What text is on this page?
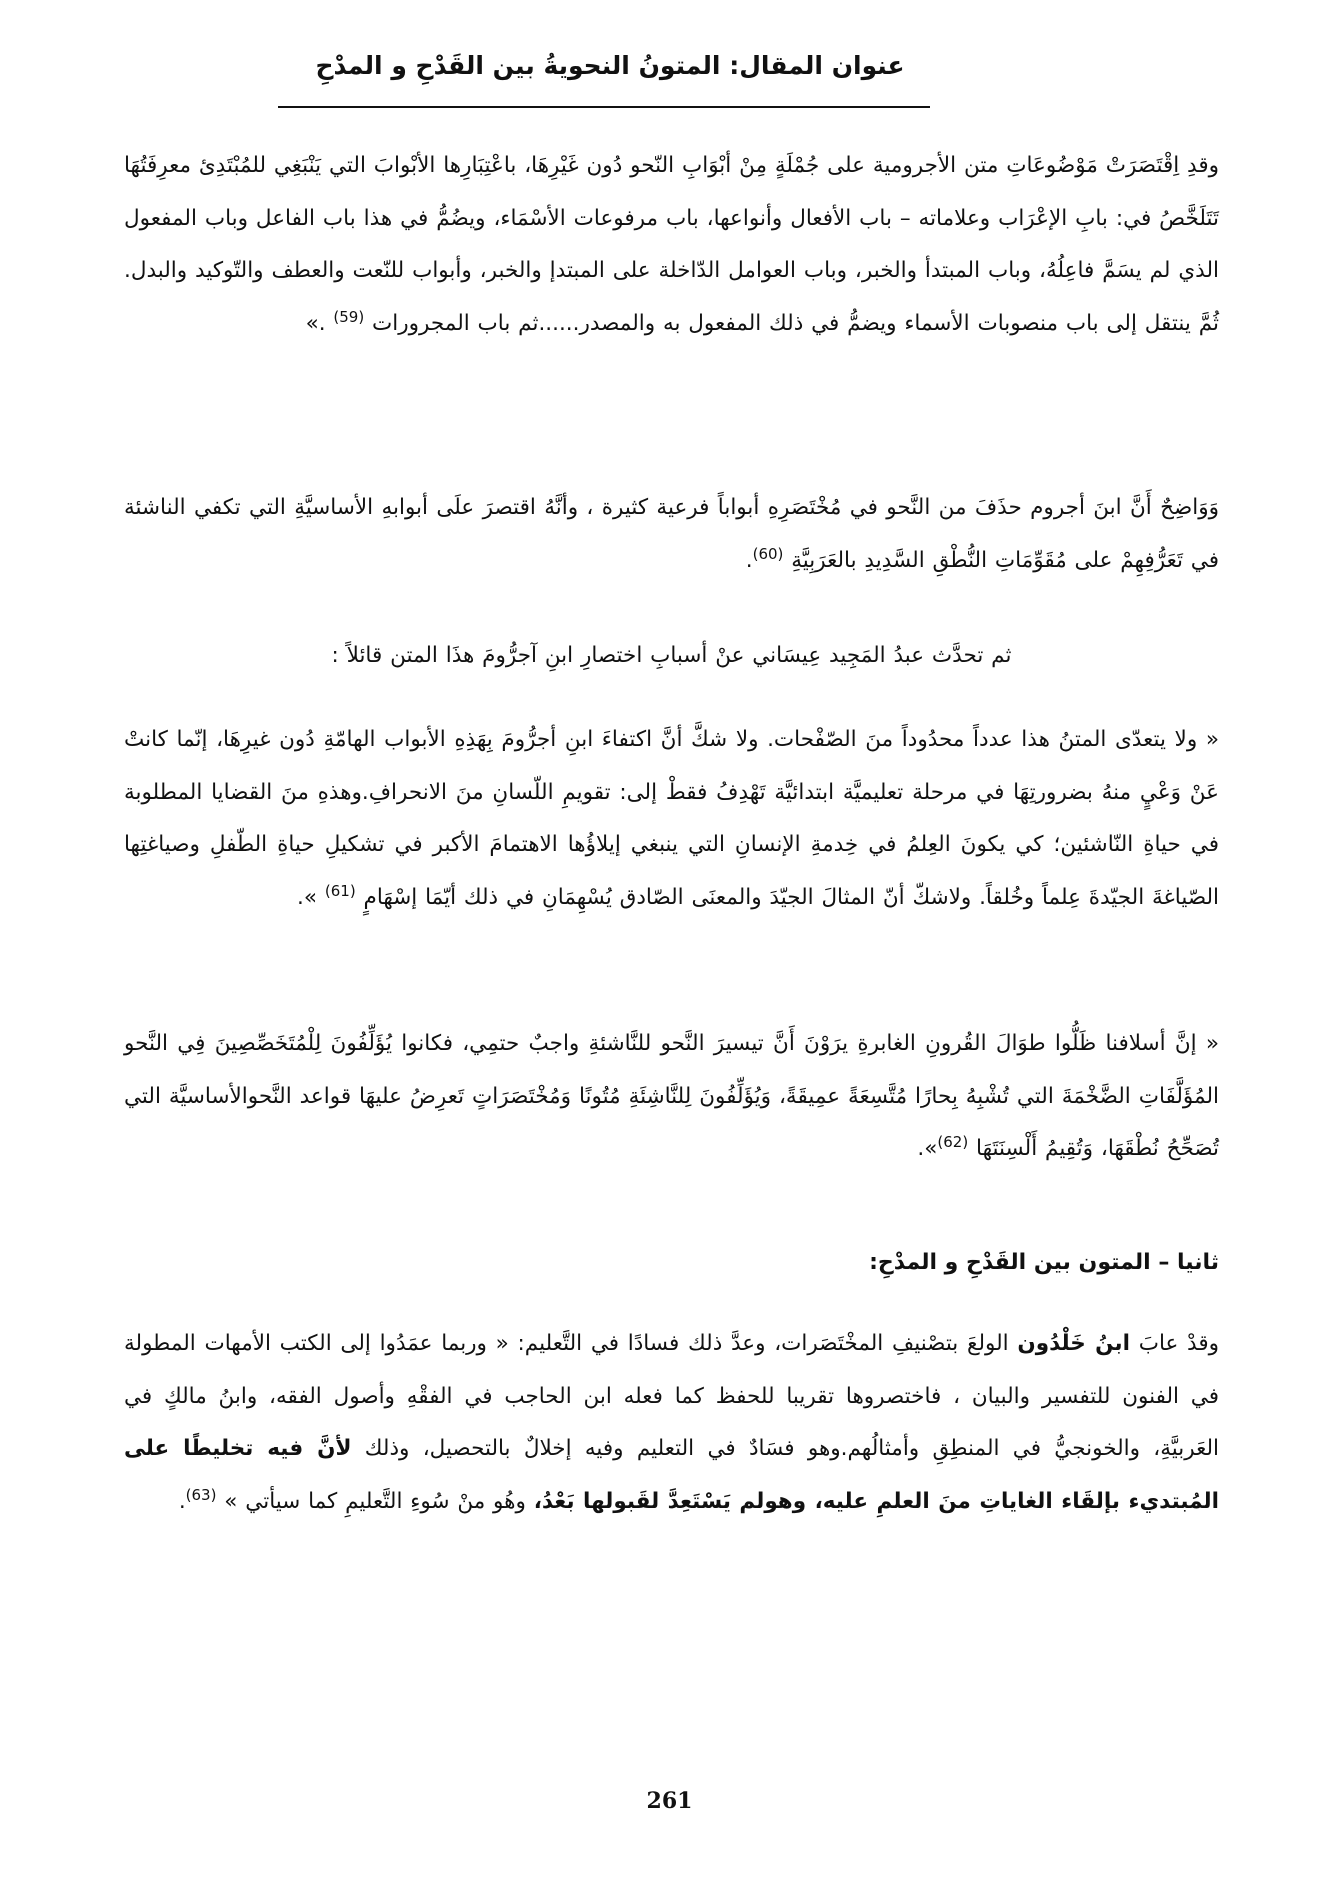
عنوان المقال: المتونُ النحويةُ بين القَدْحِ و المدْحِ

وقدِ اِقْتَصَرَتْ مَوْضُوعَاتِ متن الأجرومية على جُمْلَةٍ مِنْ أبْوَابِ النّحو دُون غَيْرِهَا، باعْتِبَارِها الأبْوابَ التي يَنْبَغِي للمُبْتَدِئ معرِفَتُهَا تَتَلَخَّصُ في: بابِ الإعْرَاب وعلاماته – باب الأفعال وأنواعها، باب مرفوعات الأسْمَاء، ويضُمُّ في هذا باب الفاعل وباب المفعول الذي لم يسَمَّ فاعِلُهُ، وباب المبتدأ والخبر، وباب العوامل الدّاخلة على المبتدإ والخبر، وأبواب للنّعت والعطف والتّوكيد والبدل. ثُمَّ ينتقل إلى باب منصوبات الأسماء ويضمُّ في ذلك المفعول به والمصدر......ثم باب المجرورات $^{(59)}$ .»

وَوَاضِحٌ أَنَّ ابنَ أجروم حذَفَ من النَّحو في مُخْتَصَرِهِ أبواباً فرعية كثيرة ، وأنَّهُ اقتصرَ علَى أبوابهِ الأساسيَّةِ التي تكفي الناشئة في تَعَرُّفِهِمْ على مُقَوِّمَاتِ النُّطْقِ السَّدِيدِ بالعَرَبِيَّةِ $^{(60)}$.

ثم تحدَّث عبدُ المَجِيد عِيسَاني عنْ أسبابِ اختصارِ ابنِ آجرُّومَ هذَا المتن قائلاً :

« ولا يتعدّى المتنُ هذا عدداً محدُوداً منَ الصّفْحات. ولا شكَّ أنَّ اكتفاءَ ابنِ أجرُّومَ بِهَذِهِ الأبواب الهامّةِ دُون غيرِهَا، إنّما كانتْ عَنْ وَعْيٍ منهُ بضرورتِهَا في مرحلة تعليميَّة ابتدائيَّة تَهْدِفُ فقطْ إلى: تقويمِ اللّسانِ منَ الانحرافِ.وهذهِ منَ القضايا المطلوبة في حياةِ النّاشئين؛ كي يكونَ العِلمُ في خِدمةِ الإنسانِ التي ينبغي إيلاؤُها الاهتمامَ الأكبر في تشكيلِ حياةِ الطّفلِ وصياغتِها الصّياغةَ الجيّدةَ عِلماً وخُلقاً. ولاشكّ أنّ المثالَ الجيّدَ والمعنَى الصّادق يُسْهِمَانِ في ذلك أيّمَا إسْهَامٍ $^{(61)}$ ».

« إنَّ أسلافنا ظَلُّوا طوَالَ القُرونِ الغابرةِ يرَوْنَ أَنَّ تيسيرَ النَّحو للنَّاشئةِ واجبٌ حتمِي، فكانوا يُؤَلِّفُونَ لِلْمُتَخَصِّصِينَ فِي النَّحو المُؤَلَّفَاتِ الضَّخْمَةَ التي تُشْبِهُ بِحارًا مُتَّسِعَةً عمِيقَةً، وَيُؤَلِّفُونَ لِلنَّاشِئَةِ مُتُونًا وَمُخْتَصَرَاتٍ تَعرِضُ عليهَا قواعد النَّحوالأساسيَّة التي تُصَحِّحُ نُطْقَهَا، وَتُقِيمُ أَلْسِنَتَهَا $^{(62)}$».

ثانيا – المتون بين القَدْحِ و المدْحِ:

وقدْ عابَ ابنُ خَلْدُون الولعَ بتصْنيفِ المخْتَصَرات، وعدَّ ذلك فسادًا في التَّعليم: « وربما عمَدُوا إلى الكتب الأمهات المطولة في الفنون للتفسير والبيان ، فاختصروها تقريبا للحفظ كما فعله ابن الحاجب في الفقْهِ وأصول الفقه، وابنُ مالكٍ في العَربيَّةِ، والخونجيُّ في المنطِقِ وأمثالُهم.وهو فسَادٌ في التعليم وفيه إخلالٌ بالتحصيل، وذلك لأنَّ فيه تخليطًا على المُبتديء بإلقَاء الغاياتِ منَ العلمِ عليه، وهولم يَسْتَعِدَّ لقَبولها بَعْدُ، وهُو منْ سُوءِ التَّعليمِ كما سيأتي » $^{(63)}$.

261
